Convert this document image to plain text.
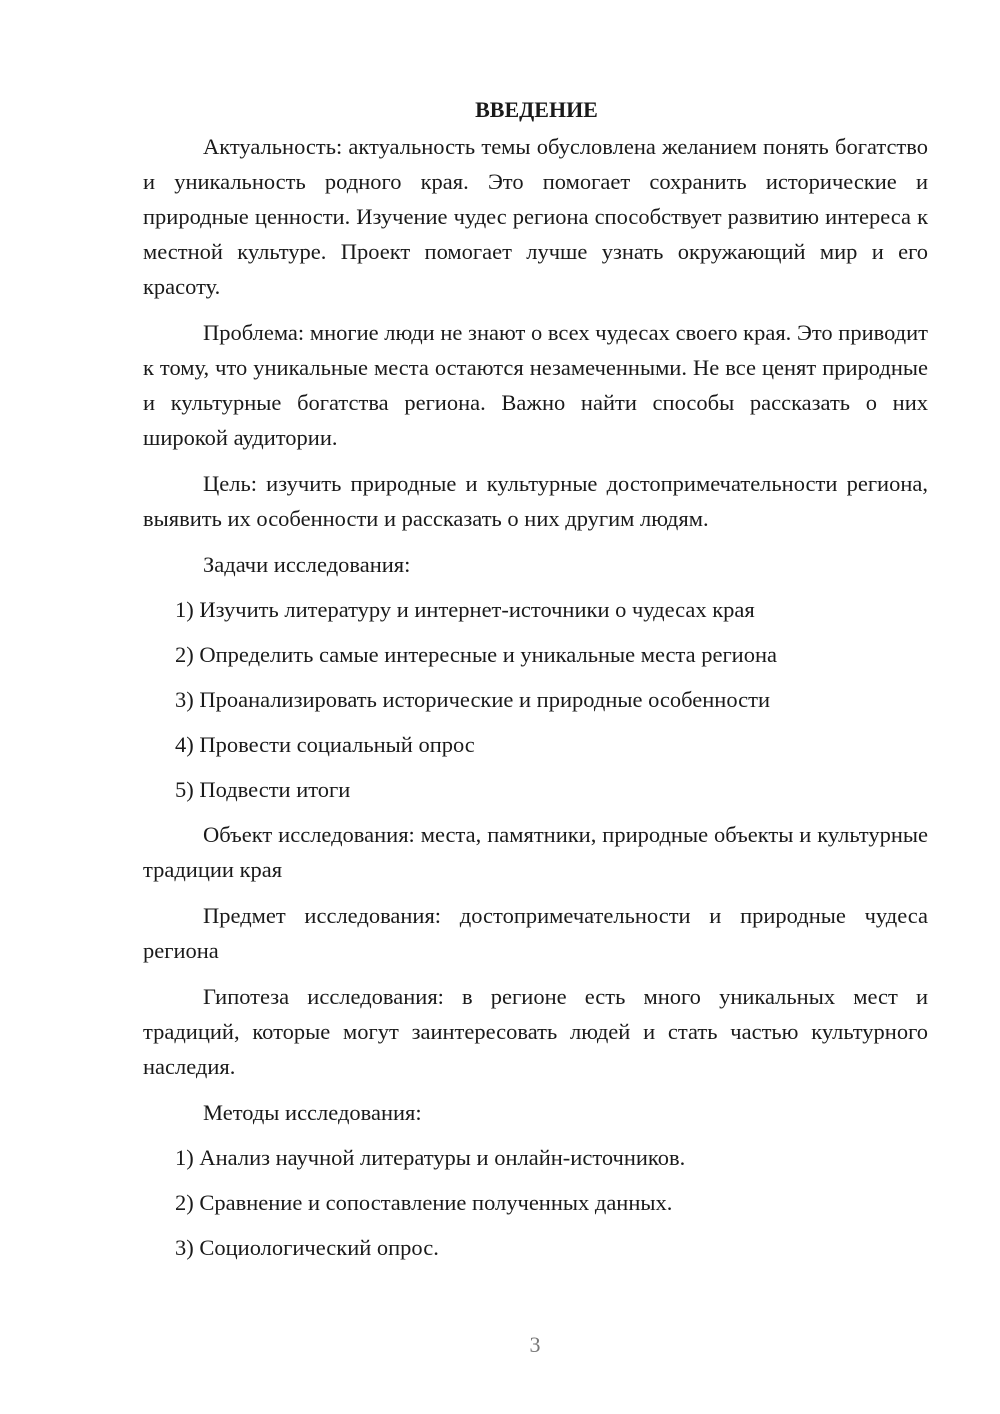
ВВЕДЕНИЕ

Актуальность: актуальность темы обусловлена желанием понять богатство и уникальность родного края. Это помогает сохранить исторические и природные ценности. Изучение чудес региона способствует развитию интереса к местной культуре. Проект помогает лучше узнать окружающий мир и его красоту.

Проблема: многие люди не знают о всех чудесах своего края. Это приводит к тому, что уникальные места остаются незамеченными. Не все ценят природные и культурные богатства региона. Важно найти способы рассказать о них широкой аудитории.

Цель: изучить природные и культурные достопримечательности региона, выявить их особенности и рассказать о них другим людям.

Задачи исследования:

1) Изучить литературу и интернет-источники о чудесах края

2) Определить самые интересные и уникальные места региона

3) Проанализировать исторические и природные особенности

4) Провести социальный опрос

5) Подвести итоги

Объект исследования: места, памятники, природные объекты и культурные традиции края

Предмет исследования: достопримечательности и природные чудеса региона

Гипотеза исследования: в регионе есть много уникальных мест и традиций, которые могут заинтересовать людей и стать частью культурного наследия.

Методы исследования:

1) Анализ научной литературы и онлайн-источников.

2) Сравнение и сопоставление полученных данных.

3) Социологический опрос.

3
